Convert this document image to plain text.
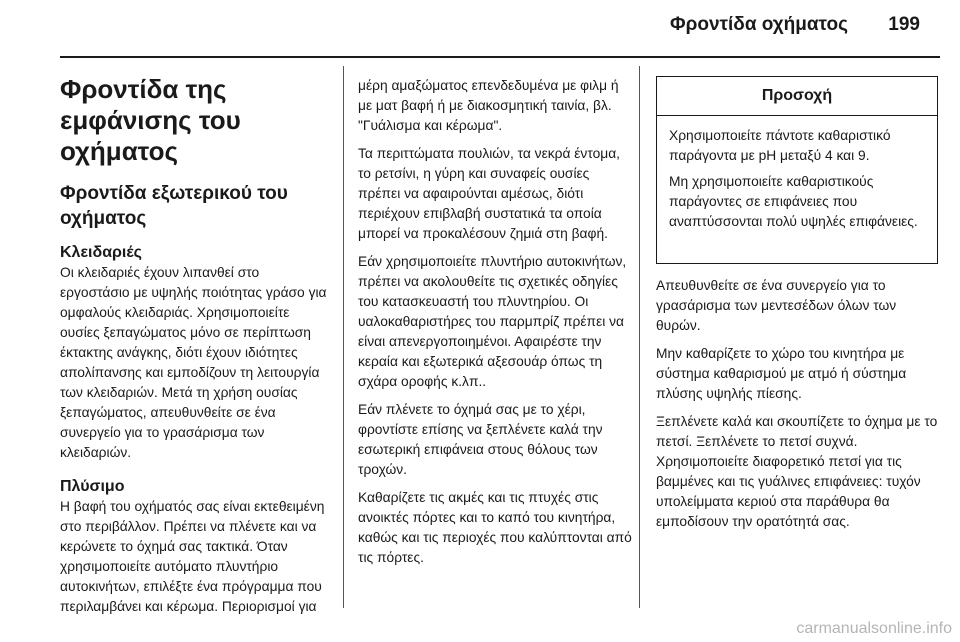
Φροντίδα οχήματος 199
Φροντίδα της εμφάνισης του οχήματος
Φροντίδα εξωτερικού του οχήματος
Κλειδαριές

Οι κλειδαριές έχουν λιπανθεί στο εργοστάσιο με υψηλής ποιότητας γράσο για ομφαλούς κλειδαριάς. Χρησιμοποιείτε ουσίες ξεπαγώματος μόνο σε περίπτωση έκτακτης ανάγκης, διότι έχουν ιδιότητες απολίπανσης και εμποδίζουν τη λειτουργία των κλειδαριών. Μετά τη χρήση ουσίας ξεπαγώματος, απευθυνθείτε σε ένα συνεργείο για το γρασάρισμα των κλειδαριών.

Πλύσιμο

Η βαφή του οχήματός σας είναι εκτεθειμένη στο περιβάλλον. Πρέπει να πλένετε και να κερώνετε το όχημά σας τακτικά. Όταν χρησιμοποιείτε αυτόματο πλυντήριο αυτοκινήτων, επιλέξτε ένα πρόγραμμα που περιλαμβάνει και κέρωμα. Περιορισμοί για

μέρη αμαξώματος επενδεδυμένα με φιλμ ή με ματ βαφή ή με διακοσμητική ταινία, βλ. "Γυάλισμα και κέρωμα".

Τα περιττώματα πουλιών, τα νεκρά έντομα, το ρετσίνι, η γύρη και συναφείς ουσίες πρέπει να αφαιρούνται αμέσως, διότι περιέχουν επιβλαβή συστατικά τα οποία μπορεί να προκαλέσουν ζημιά στη βαφή.

Εάν χρησιμοποιείτε πλυντήριο αυτοκινήτων, πρέπει να ακολουθείτε τις σχετικές οδηγίες του κατασκευαστή του πλυντηρίου. Οι υαλοκαθαριστήρες του παρμπρίζ πρέπει να είναι απενεργοποιημένοι. Αφαιρέστε την κεραία και εξωτερικά αξεσουάρ όπως τη σχάρα οροφής κ.λπ..

Εάν πλένετε το όχημά σας με το χέρι, φροντίστε επίσης να ξεπλένετε καλά την εσωτερική επιφάνεια στους θόλους των τροχών.

Καθαρίζετε τις ακμές και τις πτυχές στις ανοικτές πόρτες και το καπό του κινητήρα, καθώς και τις περιοχές που καλύπτονται από τις πόρτες.

Προσοχή

Χρησιμοποιείτε πάντοτε καθαριστικό παράγοντα με pH μεταξύ 4 και 9.

Μη χρησιμοποιείτε καθαριστικούς παράγοντες σε επιφάνειες που αναπτύσσονται πολύ υψηλές επιφάνειες.

Απευθυνθείτε σε ένα συνεργείο για το γρασάρισμα των μεντεσέδων όλων των θυρών.

Μην καθαρίζετε το χώρο του κινητήρα με σύστημα καθαρισμού με ατμό ή σύστημα πλύσης υψηλής πίεσης.

Ξεπλένετε καλά και σκουπίζετε το όχημα με το πετσί. Ξεπλένετε το πετσί συχνά. Χρησιμοποιείτε διαφορετικό πετσί για τις βαμμένες και τις γυάλινες επιφάνειες: τυχόν υπολείμματα κεριού στα παράθυρα θα εμποδίσουν την ορατότητά σας.

carmanualsonline.info
